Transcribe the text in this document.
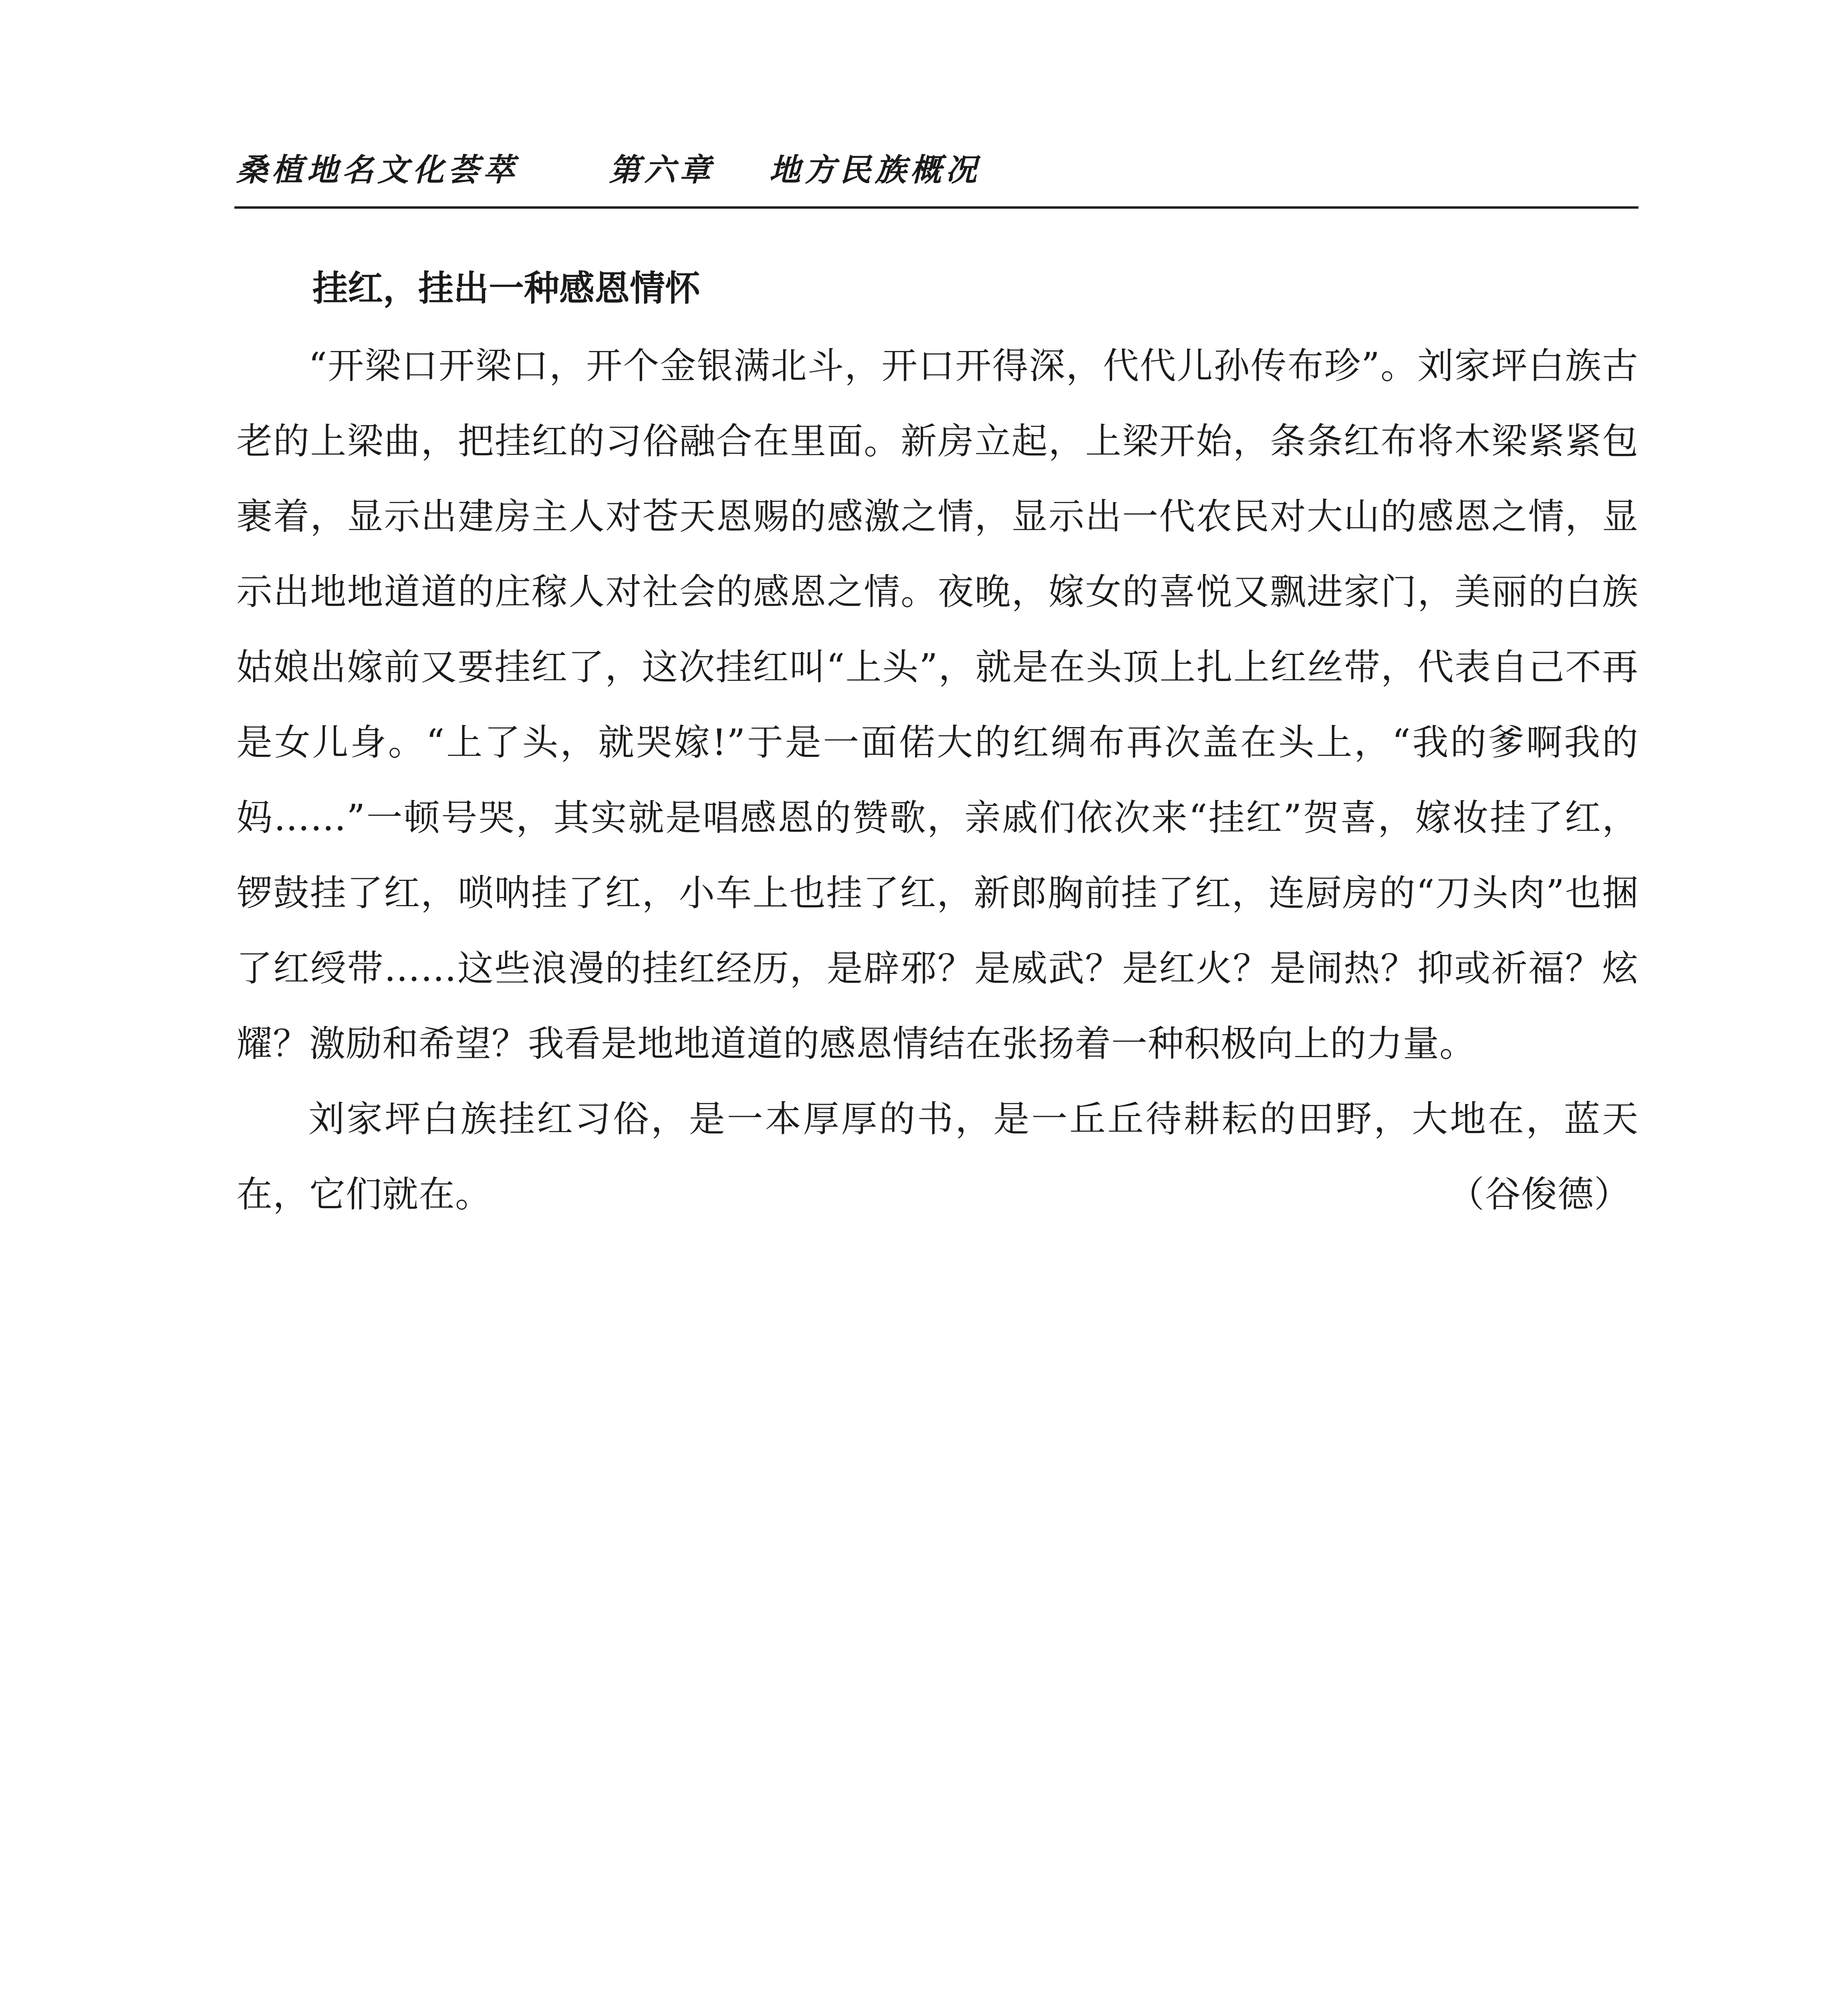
桑植地名文化荟萃	第六章 地方民族概况
挂红，挂出一种感恩情怀

“开梁口开梁口，开个金银满北斗，开口开得深，代代儿孙传布珍”。刘家坪白族古老的上梁曲，把挂红的习俗融合在里面。新房立起，上梁开始，条条红布将木梁紧紧包裹着，显示出建房主人对苍天恩赐的感激之情，显示出一代农民对大山的感恩之情，显示出地地道道的庄稼人对社会的感恩之情。夜晚，嫁女的喜悦又飘进家门，美丽的白族姑娘出嫁前又要挂红了，这次挂红叫“上头”，就是在头顶上扎上红丝带，代表自己不再是女儿身。“上了头，就哭嫁!”于是一面偌大的红绸布再次盖在头上，“我的爹啊我的妈……”一顿号哭，其实就是唱感恩的赞歌，亲戚们依次来“挂红”贺喜，嫁妆挂了红，锣鼓挂了红，唢呐挂了红，小车上也挂了红，新郎胸前挂了红，连厨房的“刀头肉”也捆了红绶带……这些浪漫的挂红经历，是辟邪？是威武？是红火？是闹热？抑或祈福？炫耀？激励和希望？我看是地地道道的感恩情结在张扬着一种积极向上的力量。

刘家坪白族挂红习俗，是一本厚厚的书，是一丘丘待耕耘的田野，大地在，蓝天在，它们就在。	（谷俊德）
